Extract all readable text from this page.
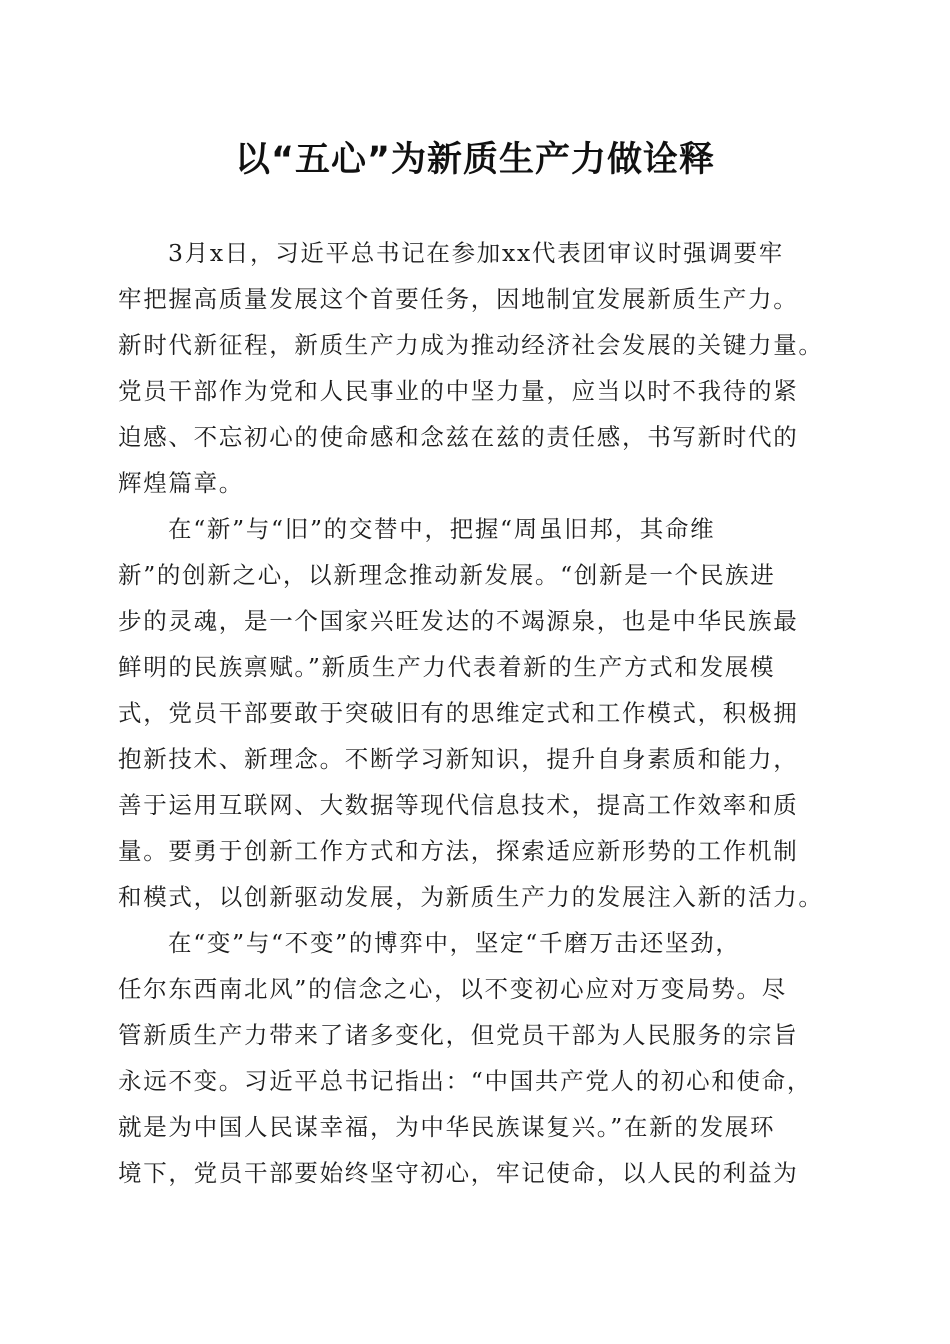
以“五心”为新质生产力做诠释
3月x日，习近平总书记在参加xx代表团审议时强调要牢
牢把握高质量发展这个首要任务，因地制宜发展新质生产力。
新时代新征程，新质生产力成为推动经济社会发展的关键力量。
党员干部作为党和人民事业的中坚力量，应当以时不我待的紧
迫感、不忘初心的使命感和念兹在兹的责任感，书写新时代的
辉煌篇章。
在“新”与“旧”的交替中，把握“周虽旧邦，其命维
新”的创新之心，以新理念推动新发展。“创新是一个民族进
步的灵魂，是一个国家兴旺发达的不竭源泉，也是中华民族最
鲜明的民族禀赋。”新质生产力代表着新的生产方式和发展模
式，党员干部要敢于突破旧有的思维定式和工作模式，积极拥
抱新技术、新理念。不断学习新知识，提升自身素质和能力，
善于运用互联网、大数据等现代信息技术，提高工作效率和质
量。要勇于创新工作方式和方法，探索适应新形势的工作机制
和模式，以创新驱动发展，为新质生产力的发展注入新的活力。
在“变”与“不变”的博弈中，坚定“千磨万击还坚劲，
任尔东西南北风”的信念之心，以不变初心应对万变局势。尽
管新质生产力带来了诸多变化，但党员干部为人民服务的宗旨
永远不变。习近平总书记指出：“中国共产党人的初心和使命，
就是为中国人民谋幸福，为中华民族谋复兴。”在新的发展环
境下，党员干部要始终坚守初心，牢记使命，以人民的利益为
